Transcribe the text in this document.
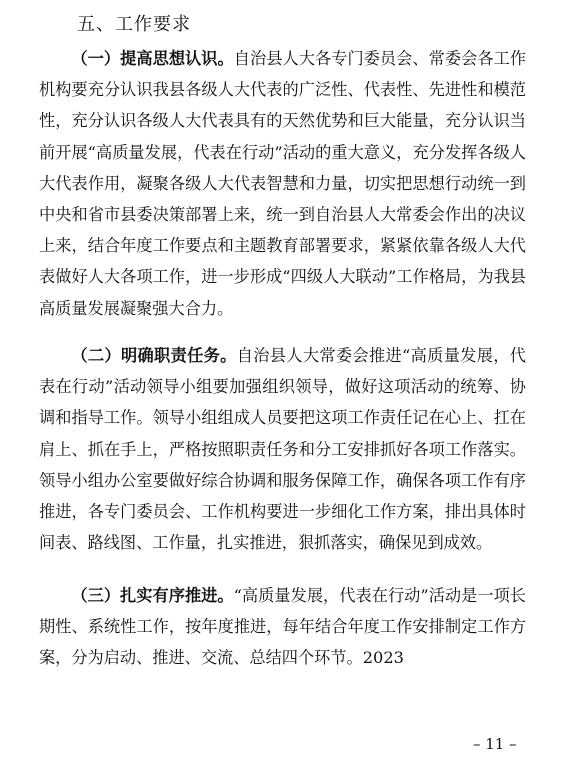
五、工作要求

（一）提高思想认识。自治县人大各专门委员会、常委会各工作机构要充分认识我县各级人大代表的广泛性、代表性、先进性和模范性，充分认识各级人大代表具有的天然优势和巨大能量，充分认识当前开展“高质量发展，代表在行动”活动的重大意义，充分发挥各级人大代表作用，凝聚各级人大代表智慧和力量，切实把思想行动统一到中央和省市县委决策部署上来，统一到自治县人大常委会作出的决议上来，结合年度工作要点和主题教育部署要求，紧紧依靠各级人大代表做好人大各项工作，进一步形成“四级人大联动”工作格局，为我县高质量发展凝聚强大合力。

（二）明确职责任务。自治县人大常委会推进“高质量发展，代表在行动”活动领导小组要加强组织领导，做好这项活动的统筹、协调和指导工作。领导小组组成人员要把这项工作责任记在心上、扛在肩上、抓在手上，严格按照职责任务和分工安排抓好各项工作落实。领导小组办公室要做好综合协调和服务保障工作，确保各项工作有序推进，各专门委员会、工作机构要进一步细化工作方案，排出具体时间表、路线图、工作量，扎实推进，狠抓落实，确保见到成效。

（三）扎实有序推进。“高质量发展，代表在行动”活动是一项长期性、系统性工作，按年度推进，每年结合年度工作安排制定工作方案，分为启动、推进、交流、总结四个环节。2023

– 11 –
